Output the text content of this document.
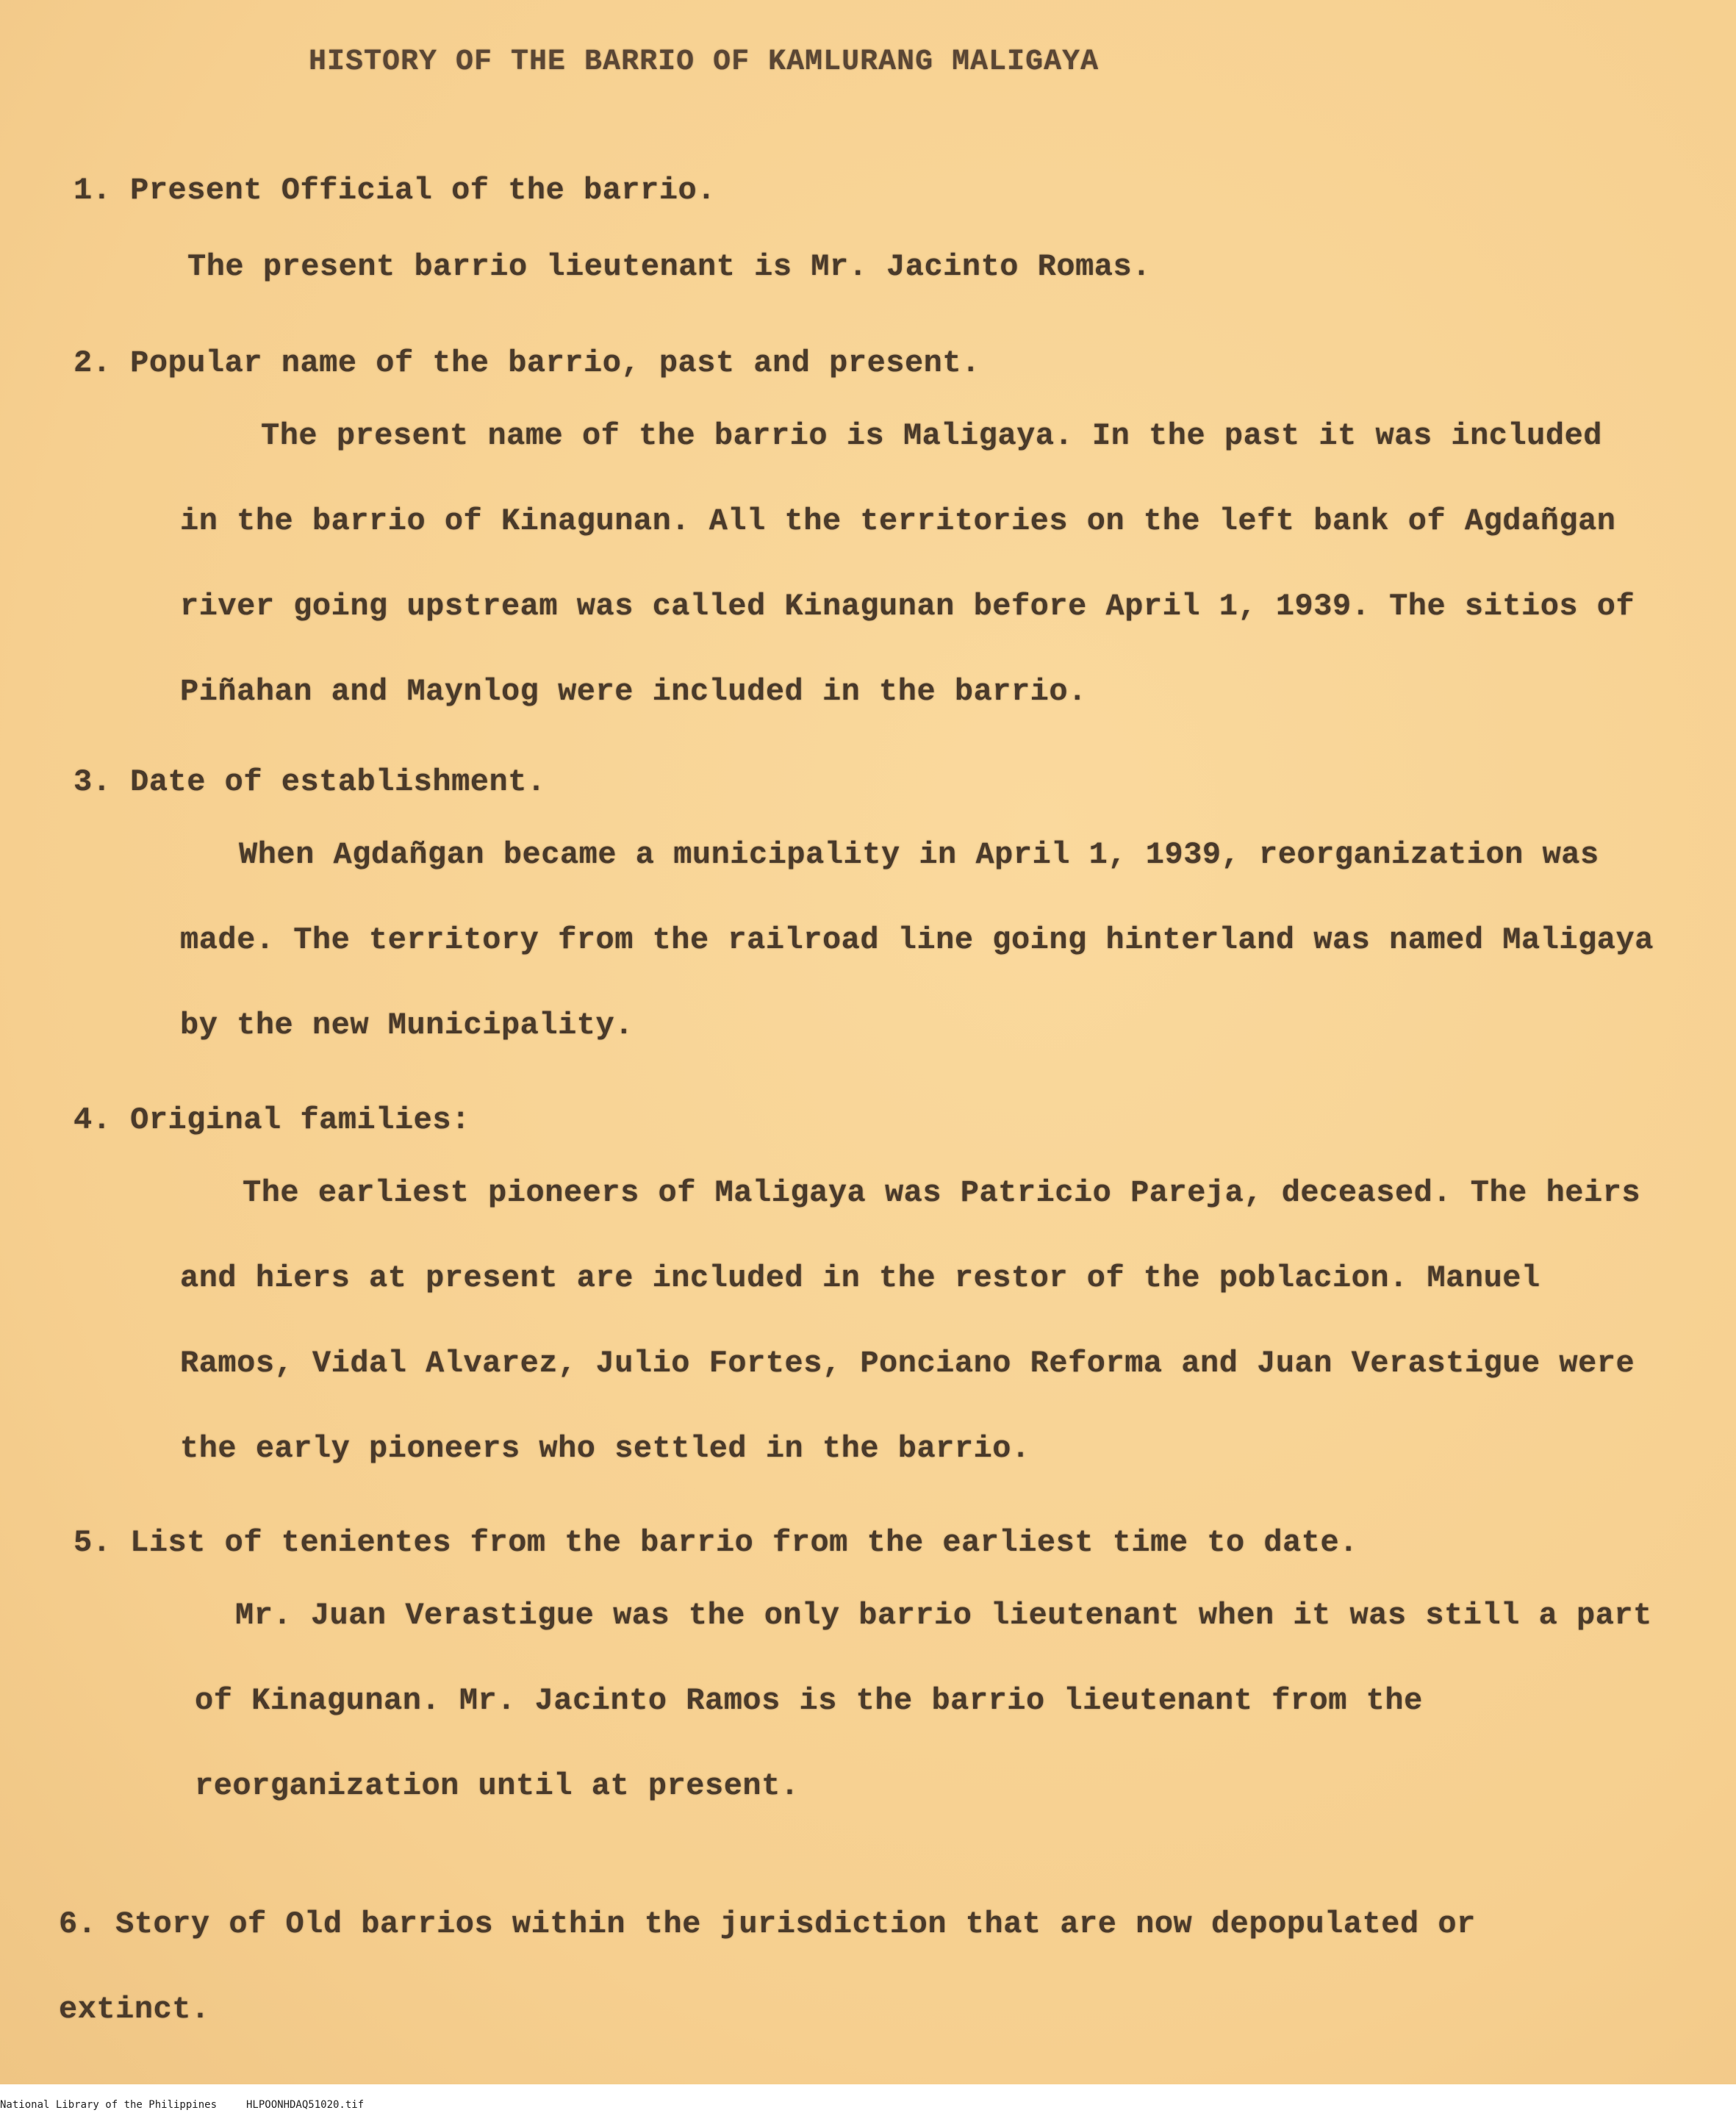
HISTORY OF THE BARRIO OF KAMLURANG MALIGAYA
1. Present Official of the barrio.
The present barrio lieutenant is Mr. Jacinto Romas.
2. Popular name of the barrio, past and present.
The present name of the barrio is Maligaya. In the past it was included in the barrio of Kinagunan. All the territories on the left bank of Agdañgan river going upstream was called Kinagunan before April 1, 1939. The sitios of Piñahan and Maynlog were included in the barrio.
3. Date of establishment.
When Agdañgan became a municipality in April 1, 1939, reorganization was made. The territory from the railroad line going hinterland was named Maligaya by the new Municipality.
4. Original families:
The earliest pioneers of Maligaya was Patricio Pareja, deceased. The heirs and hiers at present are included in the restor of the poblacion. Manuel Ramos, Vidal Alvarez, Julio Fortes, Ponciano Reforma and Juan Verastigue were the early pioneers who settled in the barrio.
5. List of tenientes from the barrio from the earliest time to date.
Mr. Juan Verastigue was the only barrio lieutenant when it was still a part of Kinagunan. Mr. Jacinto Ramos is the barrio lieutenant from the reorganization until at present.
6. Story of Old barrios within the jurisdiction that are now depopulated or extinct.
National Library of the Philippines	HLPOONHDAQ51020.tif
